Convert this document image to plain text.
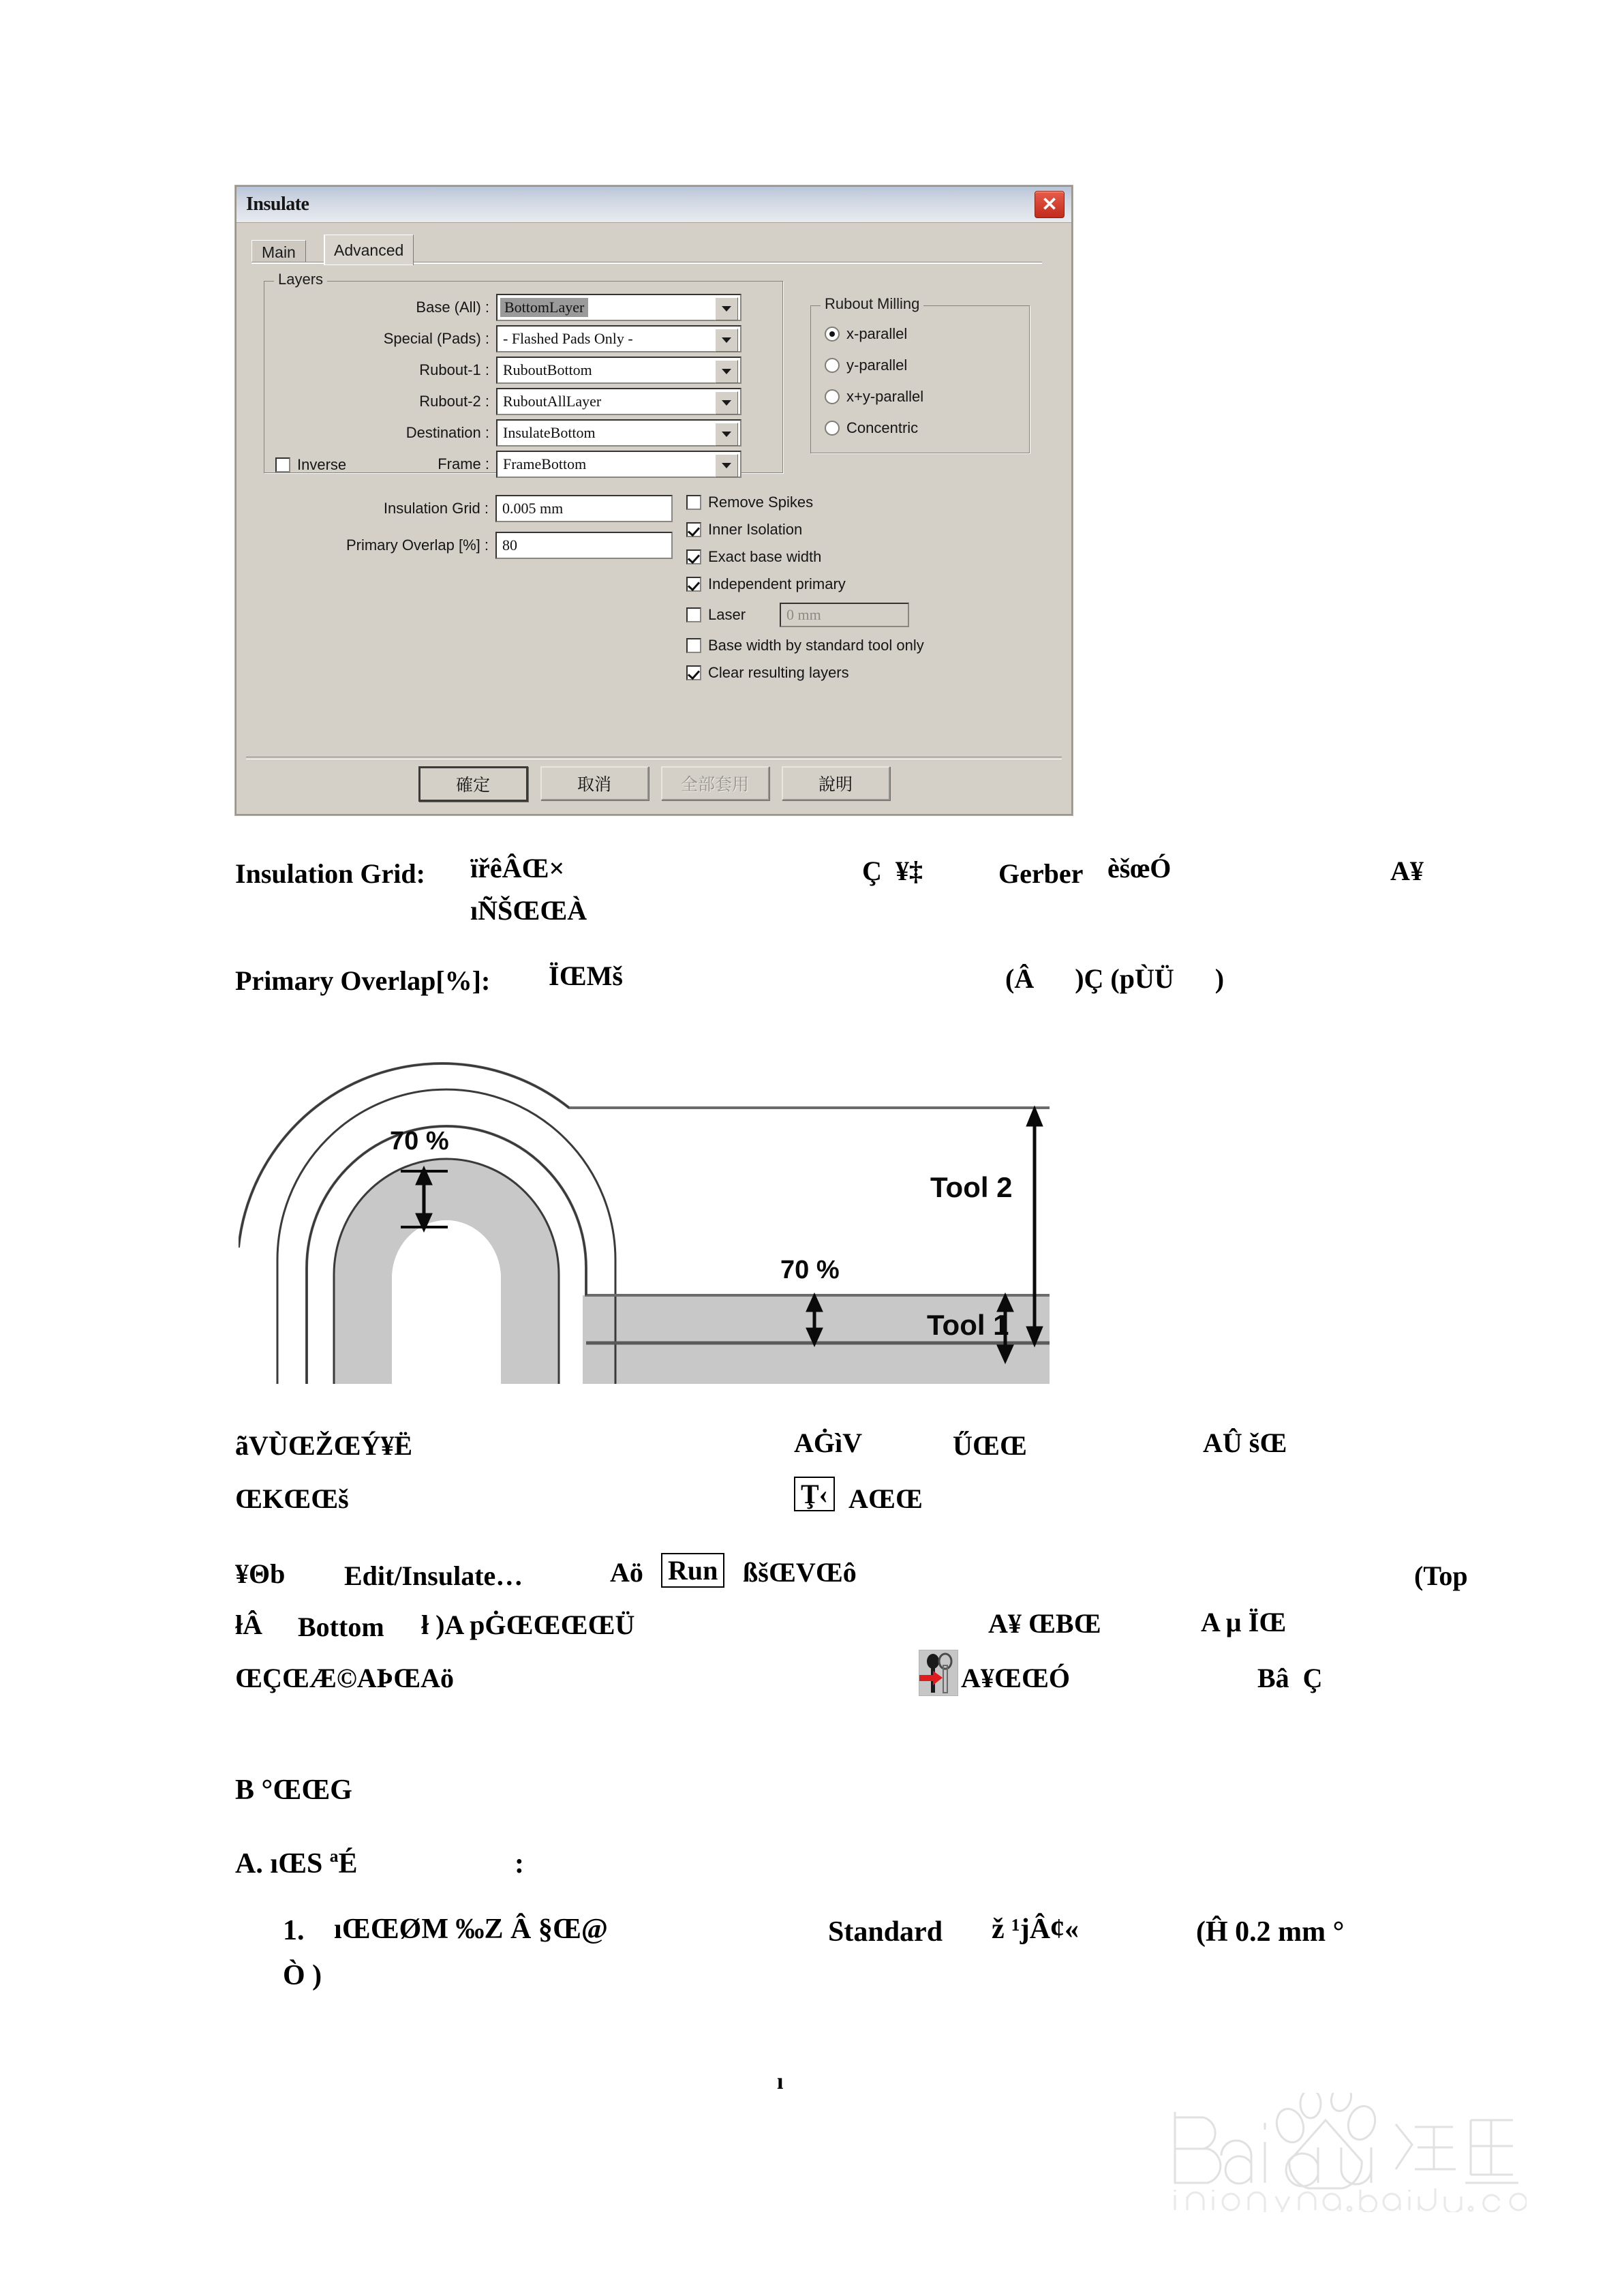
Insulate	✕
Main	Advanced
Layers
Base (All) :	BottomLayer
Special (Pads) : - Flashed Pads Only -
Rubout-1 : RuboutBottom
Rubout-2 : RuboutAllLayer
Destination : InsulateBottom
Frame : FrameBottom
Inverse
Rubout Milling
x-parallel
y-parallel
x+y-parallel
Concentric
Insulation Grid : 0.005 mm
Primary Overlap [%] : 80
Remove Spikes
Inner Isolation
Exact base width
Independent primary
Laser	0 mm
Base width by standard tool only
Clear resulting layers
確定	取消	全部套用	說明
Insulation Grid: ïřêÂŒ×	Ç  ¥‡	Gerber èšœÓ	A¥
ıÑŠŒŒÀ
Primary Overlap[%]: ÏŒMš	(Â      )Ç (pÙÜ      )
70 %
70 %
Tool 2
Tool 1
ãVÙŒŽŒÝ¥Ë	AĠìV	ŰŒŒ	AÛ šŒ
ŒKŒŒš	Ţ‹ AŒŒ
¥Θb Edit/Insulate…	Aö Run ßšŒVŒô	(Top
łÂ Bottom ł )A pĠŒŒŒŒÜ	A¥ ŒBŒ	A µ ÏŒ
ŒÇŒÆ©AÞŒAö	A¥ŒŒÓ	Bâ  Ç
B °ŒŒG
A. ıŒS ªÉ	:
1. ıŒŒØM ‰Z Â §Œ@	Standard ž ¹jÂ¢«	(Ĥ 0.2 mm °
Ò )
ı
